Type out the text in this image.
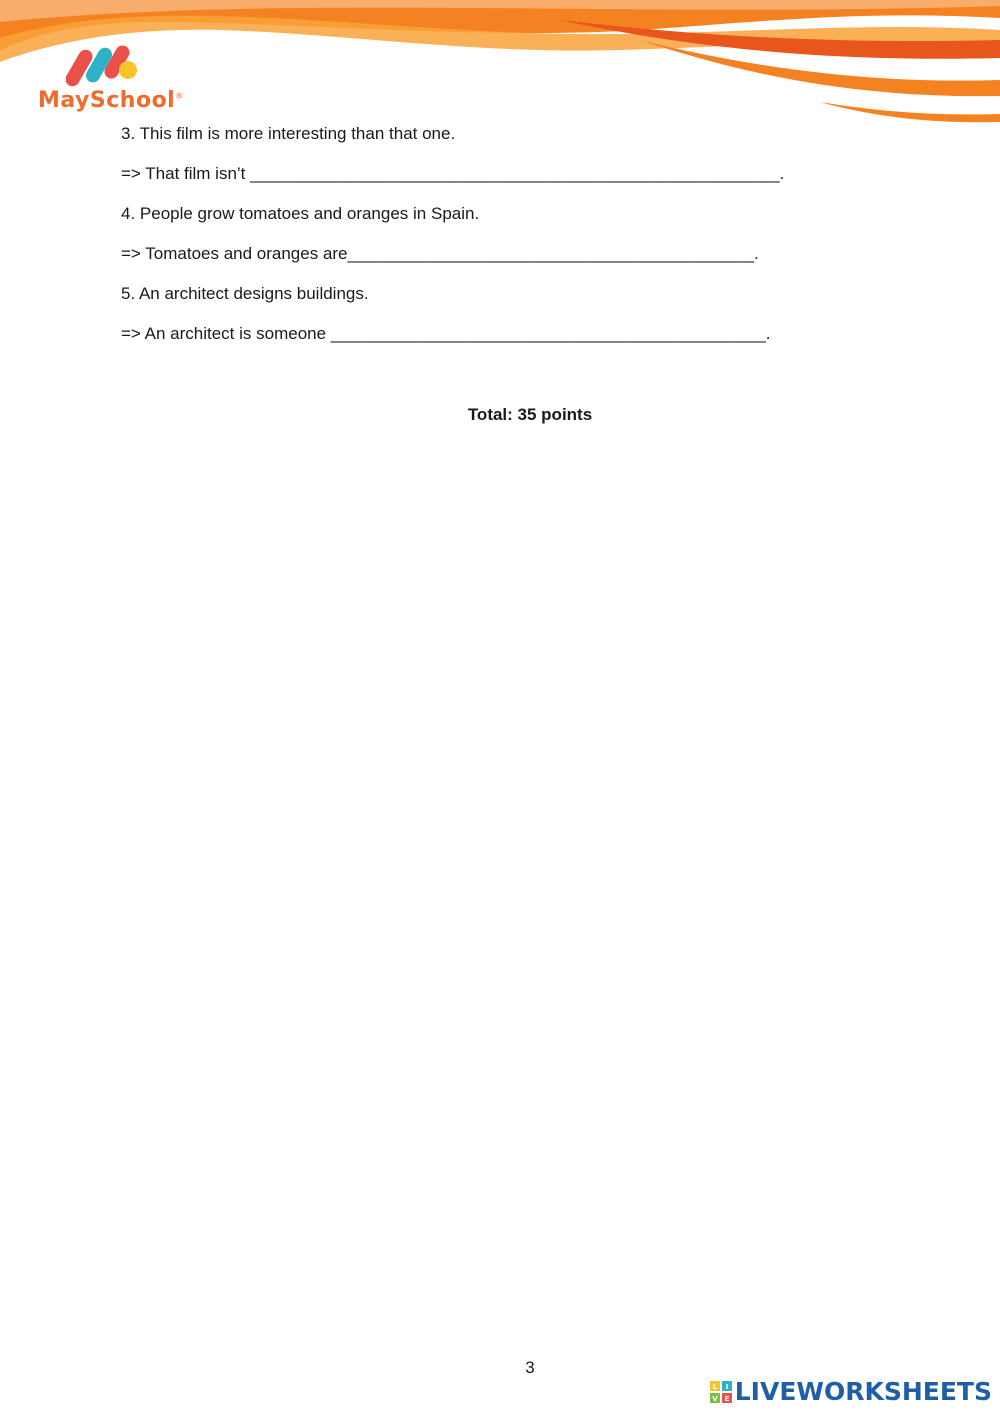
MaySchool®
3. This film is more interesting than that one.
=> That film isn’t ________________________________________________________.
4. People grow tomatoes and oranges in Spain.
=> Tomatoes and oranges are___________________________________________.
5. An architect designs buildings.
=> An architect is someone ______________________________________________.
Total: 35 points
3
L I
V E LIVEWORKSHEETS
